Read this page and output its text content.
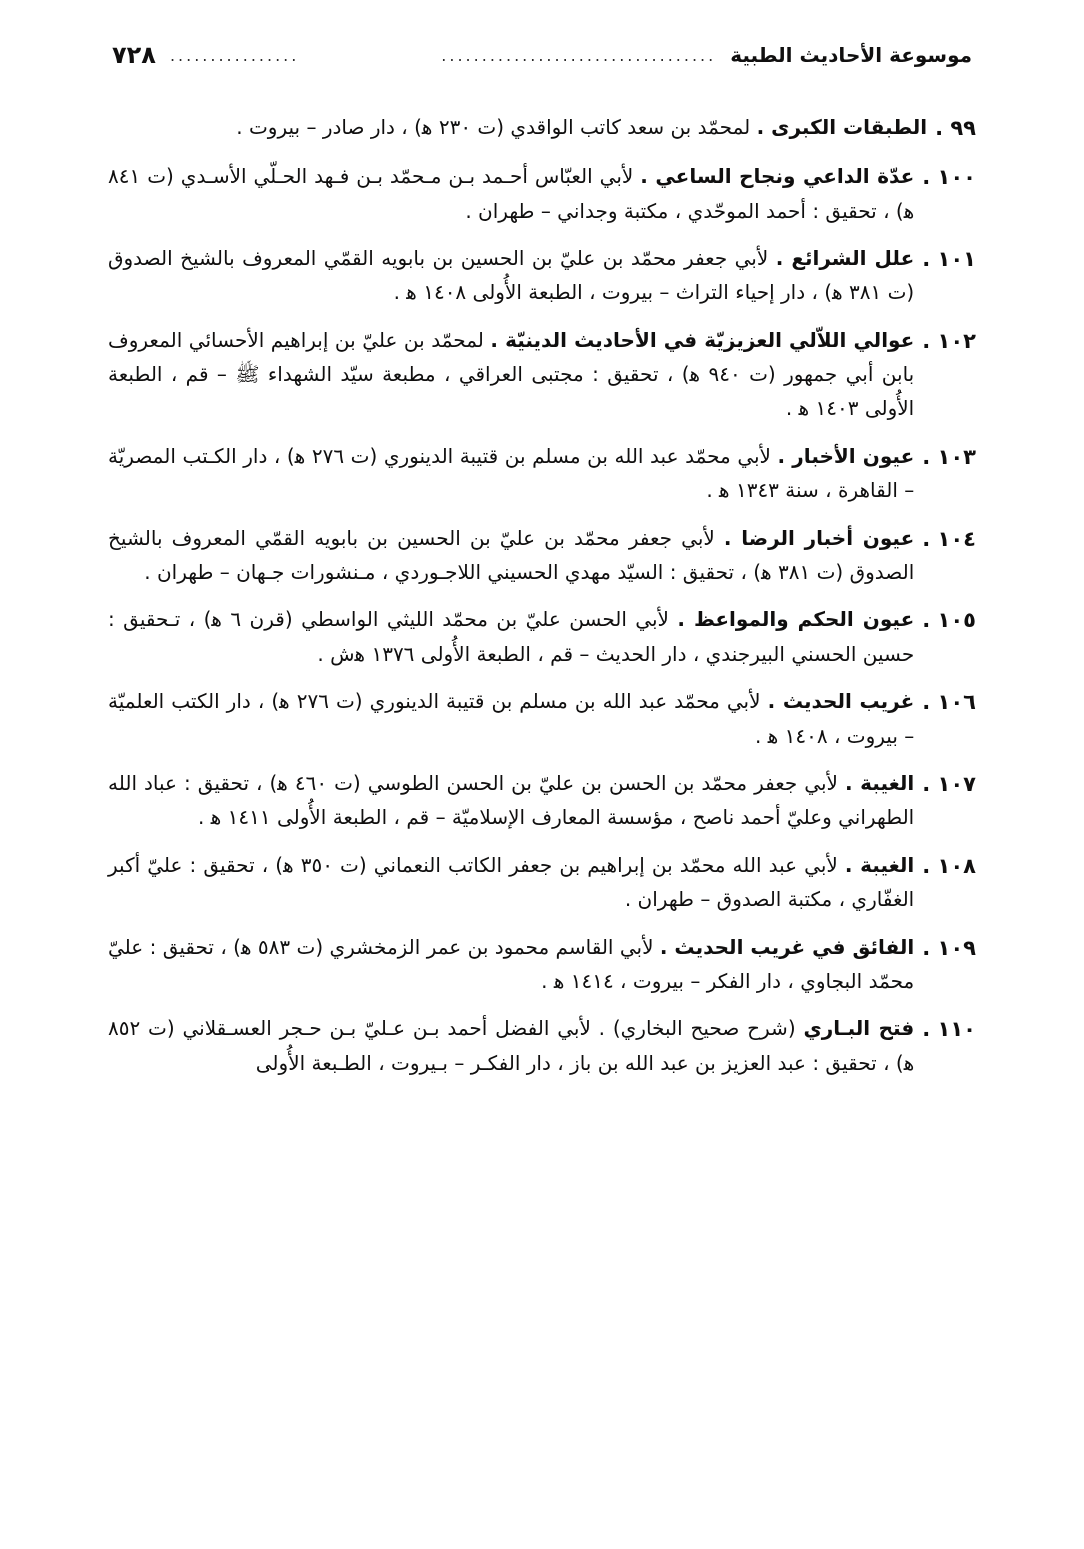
موسوعة الأحاديث الطبية
..................................
................
٧٢٨
٩٩ .
الطبقات الكبرى . لمحمّد بن سعد كاتب الواقدي (ت ٢٣٠ ﻫ) ، دار صادر – بيروت .
١٠٠ .
عدّة الداعي ونجاح الساعي . لأبي العبّاس أحـمد بـن مـحمّد بـن فـهد الحـلّي الأسـدي (ت ٨٤١ ﻫ) ، تحقيق : أحمد الموحّدي ، مكتبة وجداني – طهران .
١٠١ .
علل الشرائع . لأبي جعفر محمّد بن عليّ بن الحسين بن بابويه القمّي المعروف بالشيخ الصدوق (ت ٣٨١ ﻫ) ، دار إحياء التراث – بيروت ، الطبعة الأُولى ١٤٠٨ ﻫ .
١٠٢ .
عوالي اللاّلي العزيزيّة في الأحاديث الدينيّة . لمحمّد بن عليّ بن إبراهيم الأحسائي المعروف بابن أبي جمهور (ت ٩٤٠ ﻫ) ، تحقيق : مجتبى العراقي ، مطبعة سيّد الشهداء ﷺ – قم ، الطبعة الأُولى ١٤٠٣ ﻫ .
١٠٣ .
عيون الأخبار . لأبي محمّد عبد الله بن مسلم بن قتيبة الدينوري (ت ٢٧٦ ﻫ) ، دار الكـتب المصريّة – القاهرة ، سنة ١٣٤٣ ﻫ .
١٠٤ .
عيون أخبار الرضا . لأبي جعفر محمّد بن عليّ بن الحسين بن بابويه القمّي المعروف بالشيخ الصدوق (ت ٣٨١ ﻫ) ، تحقيق : السيّد مهدي الحسيني اللاجـوردي ، مـنشورات جـهان – طهران .
١٠٥ .
عيون الحكم والمواعظ . لأبي الحسن عليّ بن محمّد الليثي الواسطي (قرن ٦ ﻫ) ، تـحقيق : حسين الحسني البيرجندي ، دار الحديث – قم ، الطبعة الأُولى ١٣٧٦ ﻫش .
١٠٦ .
غريب الحديث . لأبي محمّد عبد الله بن مسلم بن قتيبة الدينوري (ت ٢٧٦ ﻫ) ، دار الكتب العلميّة – بيروت ، ١٤٠٨ ﻫ .
١٠٧ .
الغيبة . لأبي جعفر محمّد بن الحسن بن عليّ بن الحسن الطوسي (ت ٤٦٠ ﻫ) ، تحقيق : عباد الله الطهراني وعليّ أحمد ناصح ، مؤسسة المعارف الإسلاميّة – قم ، الطبعة الأُولى ١٤١١ ﻫ .
١٠٨ .
الغيبة . لأبي عبد الله محمّد بن إبراهيم بن جعفر الكاتب النعماني (ت ٣٥٠ ﻫ) ، تحقيق : عليّ أكبر الغفّاري ، مكتبة الصدوق – طهران .
١٠٩ .
الفائق في غريب الحديث . لأبي القاسم محمود بن عمر الزمخشري (ت ٥٨٣ ﻫ) ، تحقيق : عليّ محمّد البجاوي ، دار الفكر – بيروت ، ١٤١٤ ﻫ .
١١٠ .
فتح البـاري (شرح صحيح البخاري) . لأبي الفضل أحمد بـن عـليّ بـن حـجر العسـقلاني (ت ٨٥٢ ﻫ) ، تحقيق : عبد العزيز بن عبد الله بن باز ، دار الفكـر – بـيروت ، الطـبعة الأُولى
